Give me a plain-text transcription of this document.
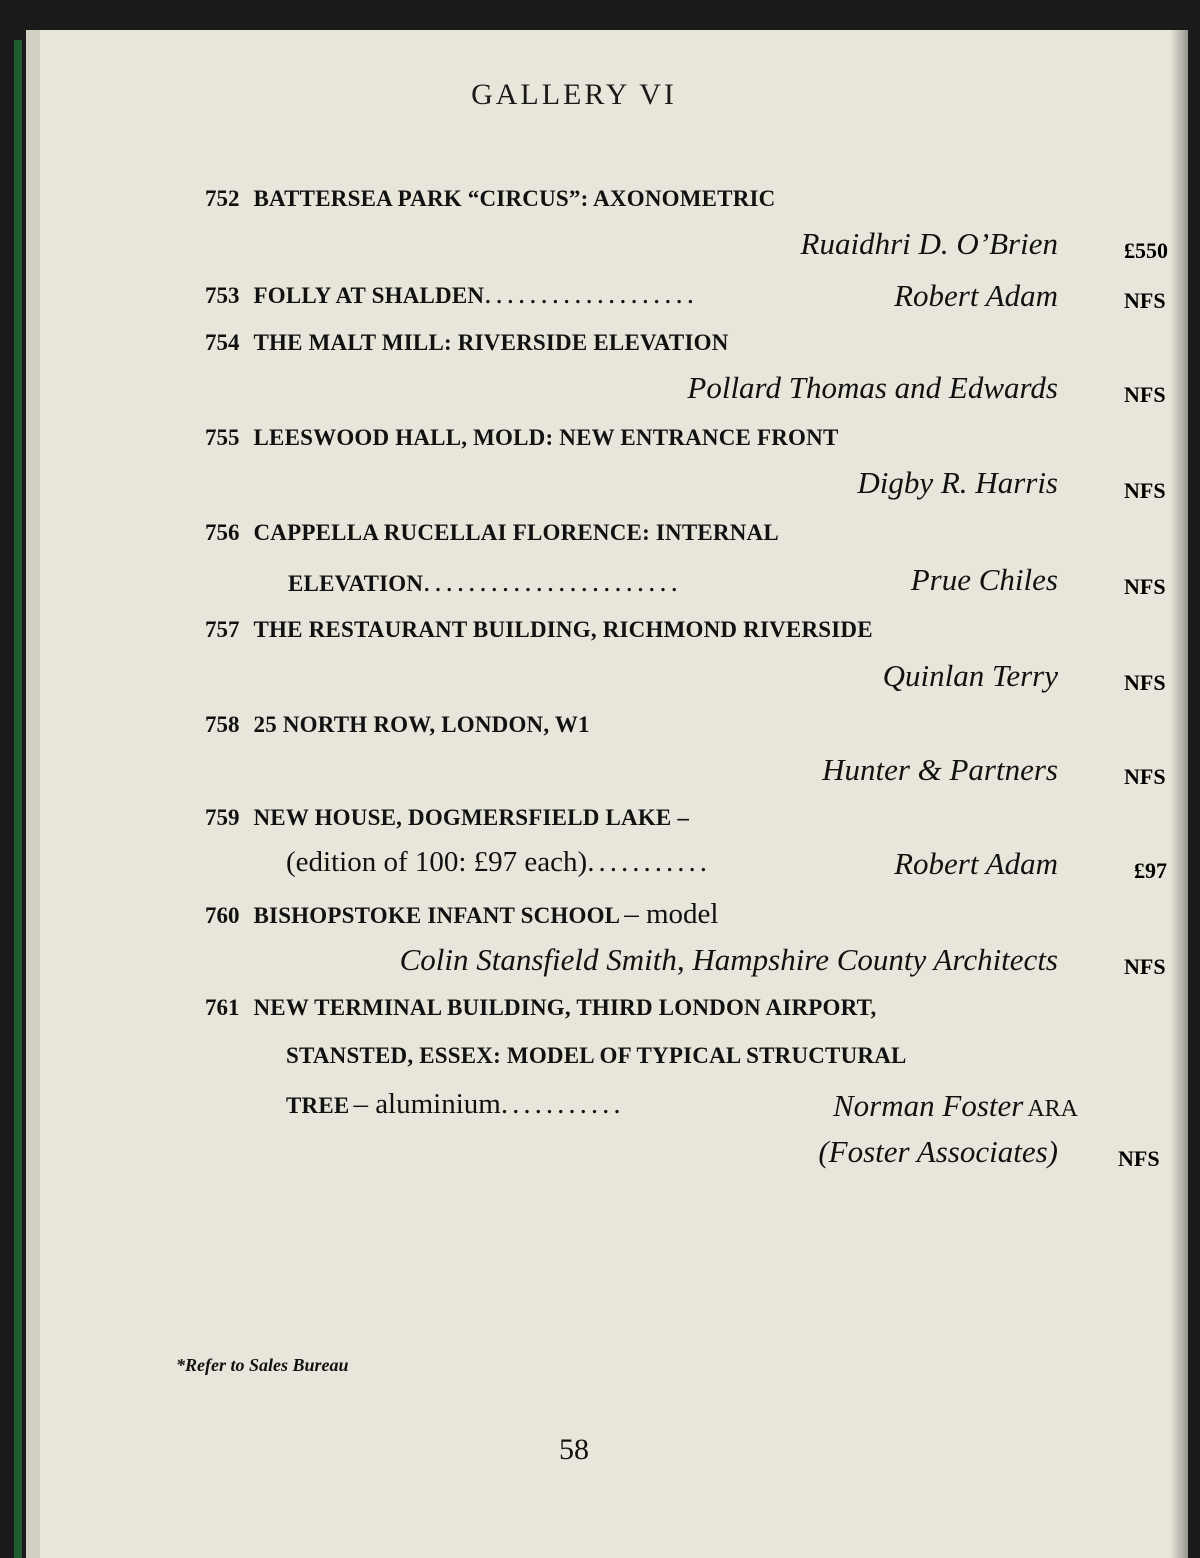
GALLERY VI
752 BATTERSEA PARK “CIRCUS”: AXONOMETRIC
Ruaidhri D. O’Brien	£550
753 FOLLY AT SHALDEN...................	Robert Adam	NFS
754 THE MALT MILL: RIVERSIDE ELEVATION
Pollard Thomas and Edwards	NFS
755 LEESWOOD HALL, MOLD: NEW ENTRANCE FRONT
Digby R. Harris	NFS
756 CAPPELLA RUCELLAI FLORENCE: INTERNAL
ELEVATION.......................	Prue Chiles	NFS
757 THE RESTAURANT BUILDING, RICHMOND RIVERSIDE
Quinlan Terry	NFS
758 25 NORTH ROW, LONDON, W1
Hunter & Partners	NFS
759 NEW HOUSE, DOGMERSFIELD LAKE –
(edition of 100: £97 each)...........	Robert Adam	£97
760 BISHOPSTOKE INFANT SCHOOL – model
Colin Stansfield Smith, Hampshire County Architects	NFS
761 NEW TERMINAL BUILDING, THIRD LONDON AIRPORT,
STANSTED, ESSEX: MODEL OF TYPICAL STRUCTURAL
TREE – aluminium...........	Norman Foster ARA
(Foster Associates)	NFS
*Refer to Sales Bureau
58
